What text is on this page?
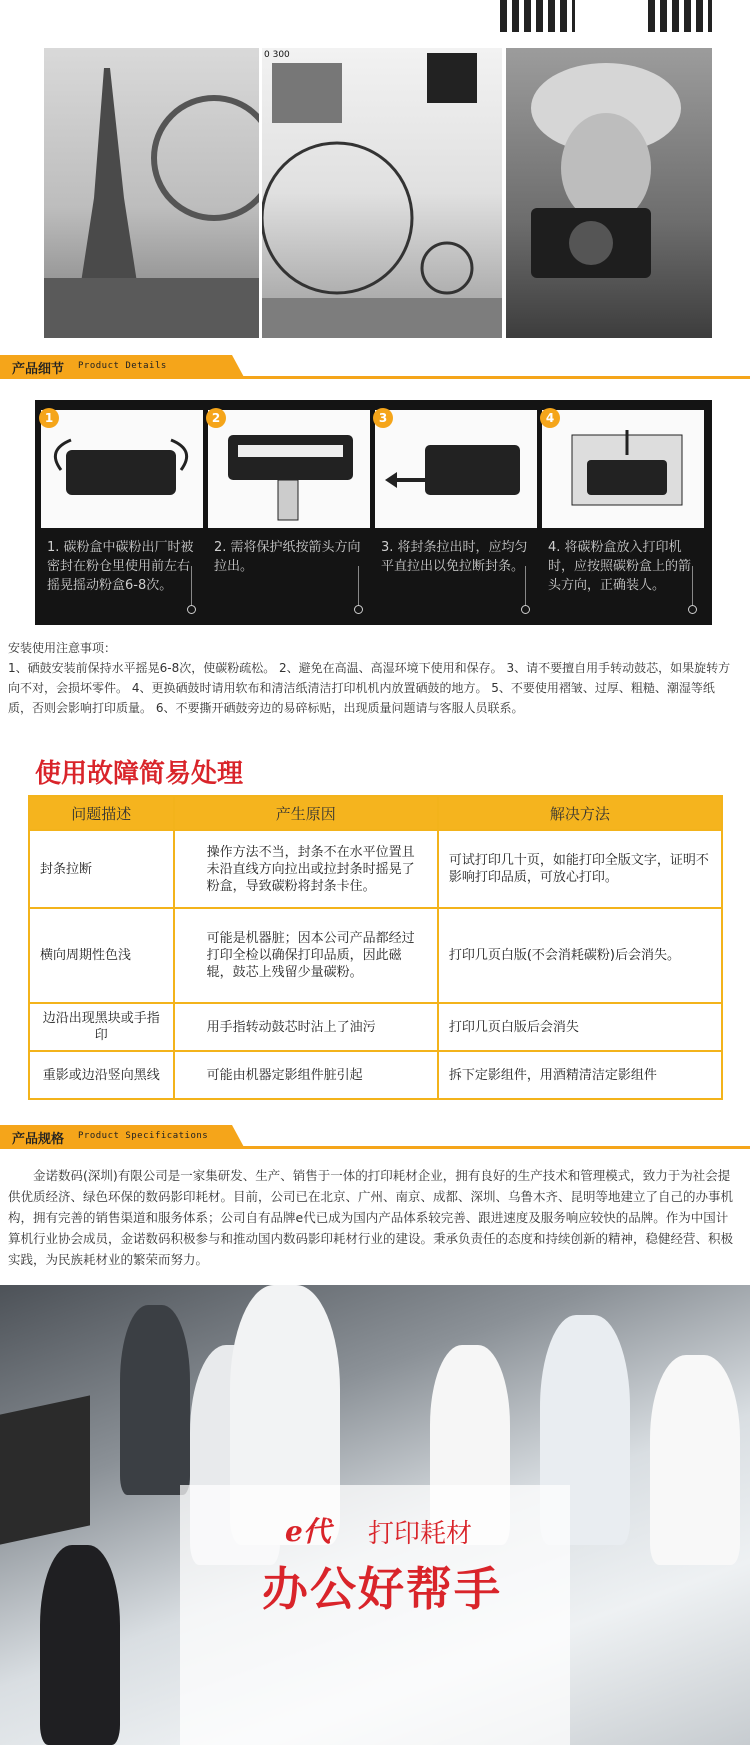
0 300
产品细节 Product Details
1
1. 碳粉盒中碳粉出厂时被密封在粉仓里使用前左右摇晃摇动粉盒6-8次。
2
2. 需将保护纸按箭头方向拉出。
3
3. 将封条拉出时，应均匀平直拉出以免拉断封条。
4
4. 将碳粉盒放入打印机时，应按照碳粉盒上的箭头方向，正确装人。
安装使用注意事项：
1、硒鼓安装前保持水平摇晃6-8次，使碳粉疏松。 2、避免在高温、高湿环境下使用和保存。 3、请不要擅自用手转动鼓芯，如果旋转方向不对，会损坏零件。 4、更换硒鼓时请用软布和清洁纸清洁打印机机内放置硒鼓的地方。 5、不要使用褶皱、过厚、粗糙、潮湿等纸质，否则会影响打印质量。 6、不要撕开硒鼓旁边的易碎标贴，出现质量问题请与客服人员联系。
使用故障简易处理
问题描述	产生原因	解决方法
封条拉断	操作方法不当，封条不在水平位置且未沿直线方向拉出或拉封条时摇晃了粉盒，导致碳粉将封条卡住。	可试打印几十页，如能打印全版文字，证明不影响打印品质，可放心打印。
横向周期性色浅	可能是机器脏；因本公司产品都经过 打印全检以确保打印品质，因此磁辊，鼓芯上残留少量碳粉。	打印几页白版(不会消耗碳粉)后会消失。
边沿出现黑块或手指印	用手指转动鼓芯时沾上了油污	打印几页白版后会消失
重影或边沿竖向黑线	可能由机器定影组件脏引起	拆下定影组件，用酒精清洁定影组件
产品规格 Product Specifications
金诺数码(深圳)有限公司是一家集研发、生产、销售于一体的打印耗材企业，拥有良好的生产技术和管理模式，致力于为社会提供优质经济、绿色环保的数码影印耗材。目前，公司已在北京、广州、南京、成都、深圳、乌鲁木齐、昆明等地建立了自己的办事机构，拥有完善的销售渠道和服务体系；公司自有品牌e代已成为国内产品体系较完善、跟进速度及服务响应较快的品牌。作为中国计算机行业协会成员，金诺数码积极参与和推动国内数码影印耗材行业的建设。秉承负责任的态度和持续创新的精神，稳健经营、积极实践，为民族耗材业的繁荣而努力。
e代 打印耗材
办公好帮手
